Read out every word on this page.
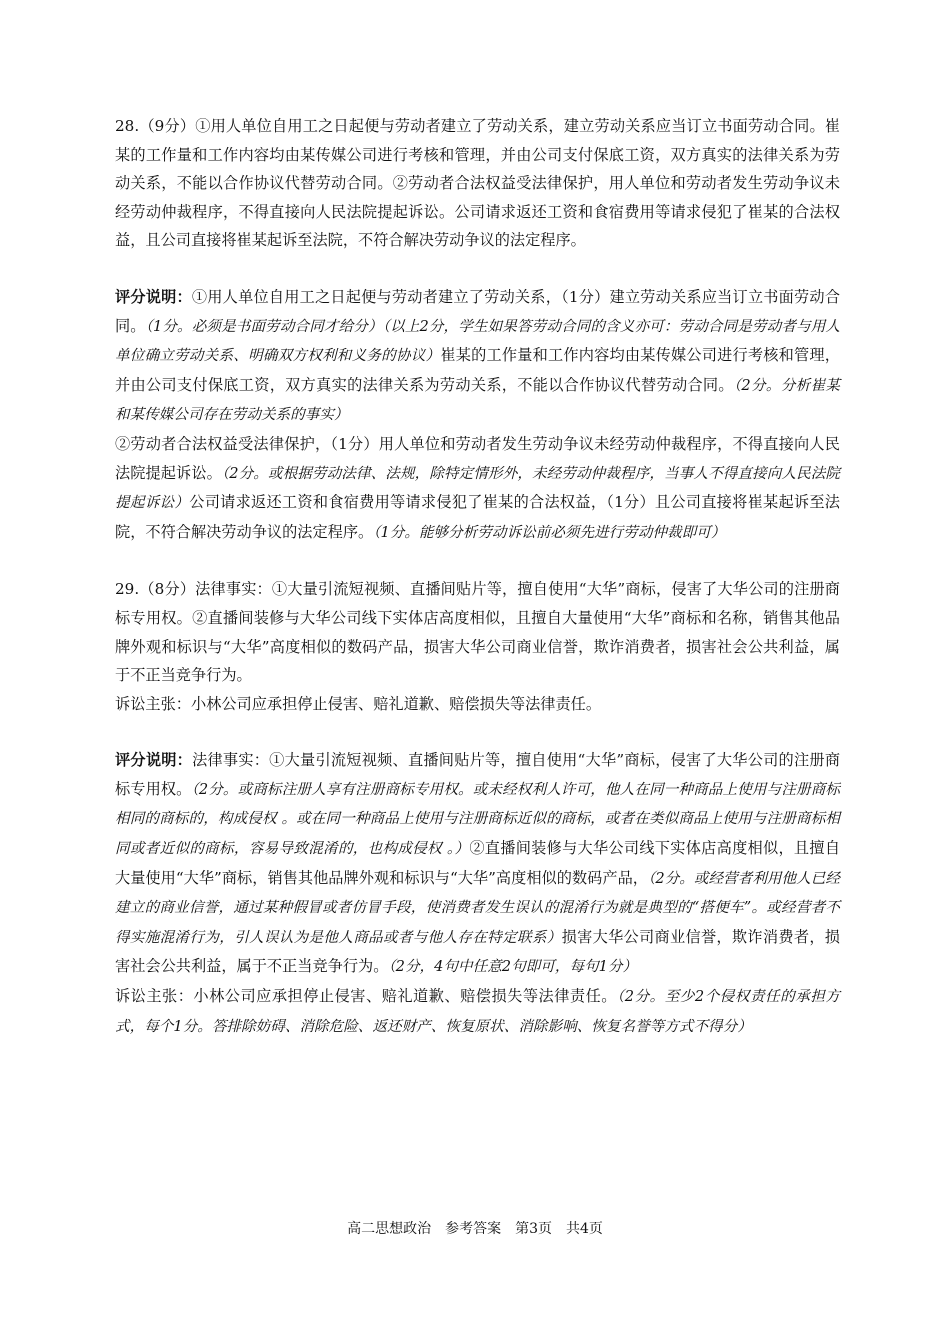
28.（9分）①用人单位自用工之日起便与劳动者建立了劳动关系，建立劳动关系应当订立书面劳动合同。崔某的工作量和工作内容均由某传媒公司进行考核和管理，并由公司支付保底工资，双方真实的法律关系为劳动关系，不能以合作协议代替劳动合同。②劳动者合法权益受法律保护，用人单位和劳动者发生劳动争议未经劳动仲裁程序，不得直接向人民法院提起诉讼。公司请求返还工资和食宿费用等请求侵犯了崔某的合法权益，且公司直接将崔某起诉至法院，不符合解决劳动争议的法定程序。

评分说明：①用人单位自用工之日起便与劳动者建立了劳动关系，（1分）建立劳动关系应当订立书面劳动合同。（1分。必须是书面劳动合同才给分）（以上2分，学生如果答劳动合同的含义亦可：劳动合同是劳动者与用人单位确立劳动关系、明确双方权利和义务的协议）崔某的工作量和工作内容均由某传媒公司进行考核和管理，并由公司支付保底工资，双方真实的法律关系为劳动关系，不能以合作协议代替劳动合同。（2分。分析崔某和某传媒公司存在劳动关系的事实）

②劳动者合法权益受法律保护，（1分）用人单位和劳动者发生劳动争议未经劳动仲裁程序，不得直接向人民法院提起诉讼。（2分。或根据劳动法律、法规，除特定情形外，未经劳动仲裁程序，当事人不得直接向人民法院提起诉讼）公司请求返还工资和食宿费用等请求侵犯了崔某的合法权益，（1分）且公司直接将崔某起诉至法院，不符合解决劳动争议的法定程序。（1分。能够分析劳动诉讼前必须先进行劳动仲裁即可）

29.（8分）法律事实：①大量引流短视频、直播间贴片等，擅自使用“大华”商标，侵害了大华公司的注册商标专用权。②直播间装修与大华公司线下实体店高度相似，且擅自大量使用“大华”商标和名称，销售其他品牌外观和标识与“大华”高度相似的数码产品，损害大华公司商业信誉，欺诈消费者，损害社会公共利益，属于不正当竞争行为。

诉讼主张：小林公司应承担停止侵害、赔礼道歉、赔偿损失等法律责任。

评分说明：法律事实：①大量引流短视频、直播间贴片等，擅自使用“大华”商标，侵害了大华公司的注册商标专用权。（2分。或商标注册人享有注册商标专用权。或未经权利人许可，他人在同一种商品上使用与注册商标相同的商标的，构成侵权 。或在同一种商品上使用与注册商标近似的商标，或者在类似商品上使用与注册商标相同或者近似的商标，容易导致混淆的，也构成侵权 。）②直播间装修与大华公司线下实体店高度相似，且擅自大量使用“大华”商标，销售其他品牌外观和标识与“大华”高度相似的数码产品，（2分。或经营者利用他人已经建立的商业信誉，通过某种假冒或者仿冒手段，使消费者发生误认的混淆行为就是典型的“搭便车”。或经营者不得实施混淆行为，引人误认为是他人商品或者与他人存在特定联系）损害大华公司商业信誉，欺诈消费者，损害社会公共利益，属于不正当竞争行为。（2分，4句中任意2句即可，每句1分）

诉讼主张：小林公司应承担停止侵害、赔礼道歉、赔偿损失等法律责任。（2分。至少2个侵权责任的承担方式，每个1分。答排除妨碍、消除危险、返还财产、恢复原状、消除影响、恢复名誉等方式不得分）

高二思想政治　参考答案　第3页　共4页
